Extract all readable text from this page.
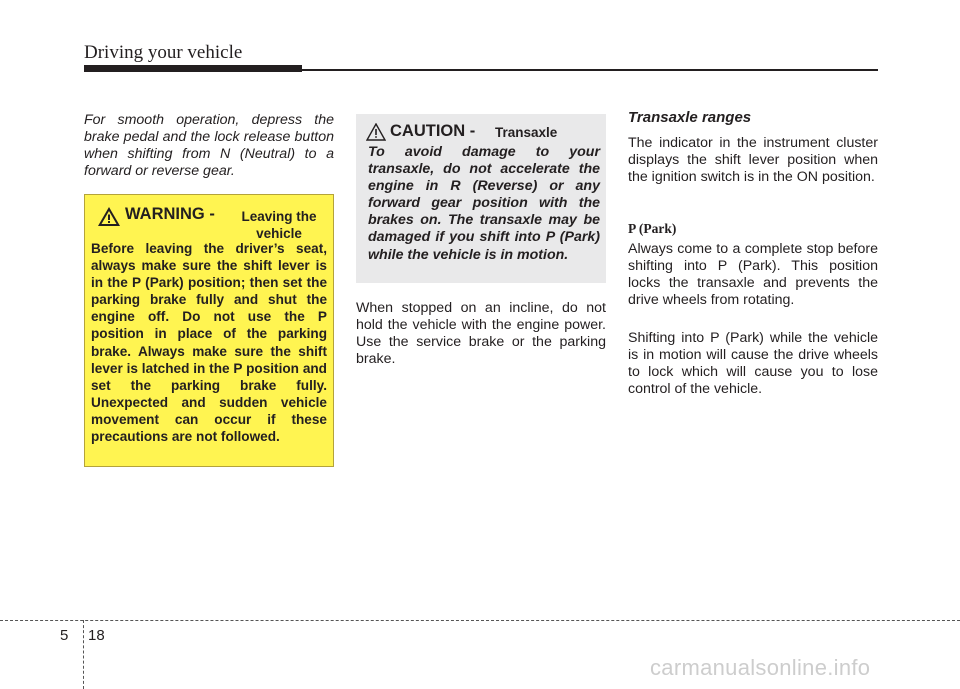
Driving your vehicle
For smooth operation, depress the brake pedal and the lock release button when shifting from N (Neutral) to a forward or reverse gear.
WARNING -	Leaving the vehicle
Before leaving the driver’s seat, always make sure the shift lever is in the P (Park) position; then set the parking brake fully and shut the engine off. Do not use the P position in place of the parking brake. Always make sure the shift lever is latched in the P position and set the parking brake fully. Unexpected and sudden vehicle movement can occur if these precautions are not followed.
CAUTION - Transaxle
To avoid damage to your transaxle, do not accelerate the engine in R (Reverse) or any forward gear position with the brakes on. The transaxle may be damaged if you shift into P (Park) while the vehicle is in motion.
When stopped on an incline, do not hold the vehicle with the engine power. Use the service brake or the parking brake.
Transaxle ranges
The indicator in the instrument cluster displays the shift lever position when the ignition switch is in the ON position.
P (Park)
Always come to a complete stop before shifting into P (Park). This position locks the transaxle and prevents the drive wheels from rotating.
Shifting into P (Park) while the vehicle is in motion will cause the drive wheels to lock which will cause you to lose control of the vehicle.
5 18
carmanualsonline.info
